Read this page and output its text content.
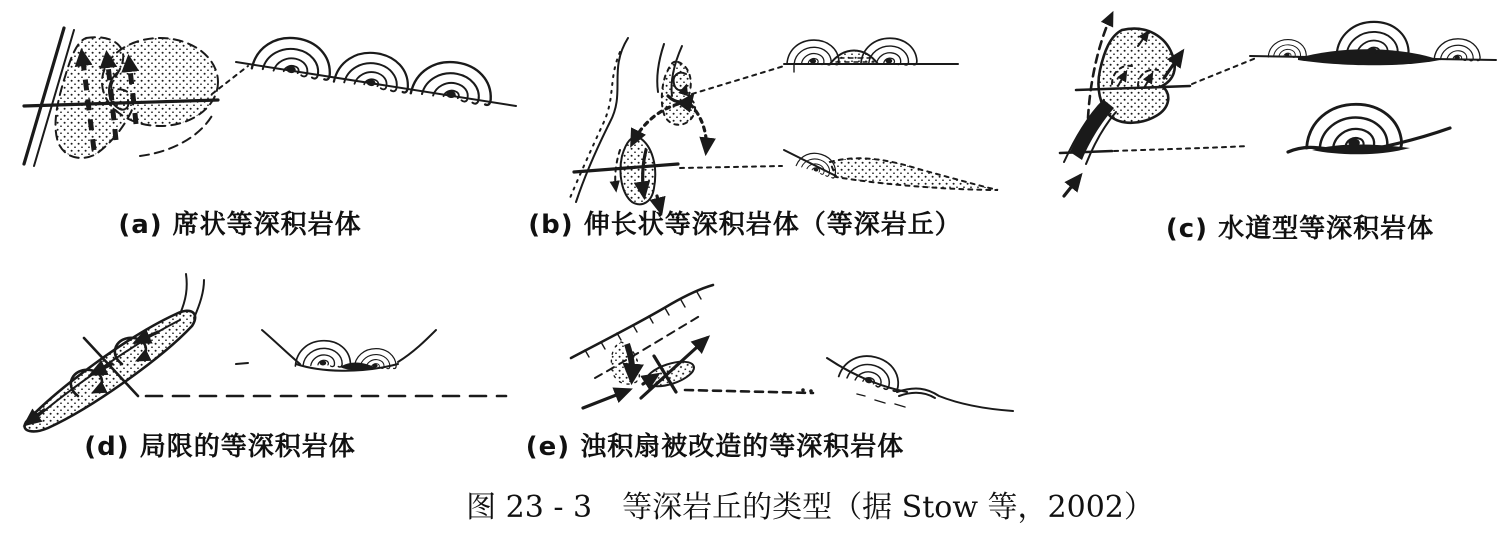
(a) 席状等深积岩体	(b) 伸长状等深积岩体（等深岩丘）	(c) 水道型等深积岩体
(d) 局限的等深积岩体	(e) 浊积扇被改造的等深积岩体
图 23 - 3　等深岩丘的类型（据 Stow 等，2002）
